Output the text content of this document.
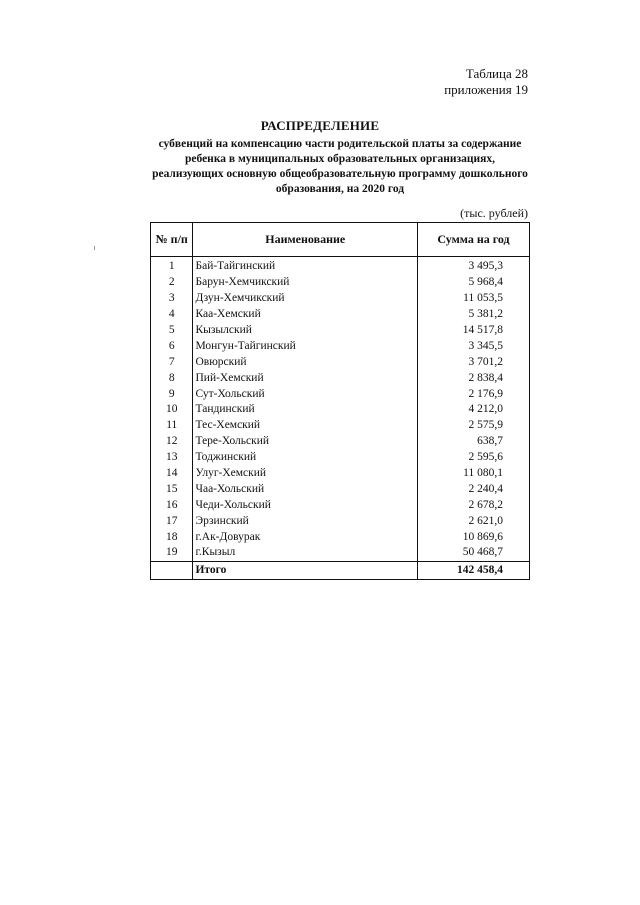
Таблица 28
приложения 19
РАСПРЕДЕЛЕНИЕ
субвенций на компенсацию части родительской платы за содержание
ребенка в муниципальных образовательных организациях,
реализующих основную общеобразовательную программу дошкольного
образования, на 2020 год
(тыс. рублей)
№ п/п	Наименование	Сумма на год
1	Бай-Тайгинский	3 495,3
2	Барун-Хемчикский	5 968,4
3	Дзун-Хемчикский	11 053,5
4	Каа-Хемский	5 381,2
5	Кызылский	14 517,8
6	Монгун-Тайгинский	3 345,5
7	Овюрский	3 701,2
8	Пий-Хемский	2 838,4
9	Сут-Хольский	2 176,9
10	Тандинский	4 212,0
11	Тес-Хемский	2 575,9
12	Тере-Хольский	638,7
13	Тоджинский	2 595,6
14	Улуг-Хемский	11 080,1
15	Чаа-Хольский	2 240,4
16	Чеди-Хольский	2 678,2
17	Эрзинский	2 621,0
18	г.Ак-Довурак	10 869,6
19	г.Кызыл	50 468,7
	Итого	142 458,4
